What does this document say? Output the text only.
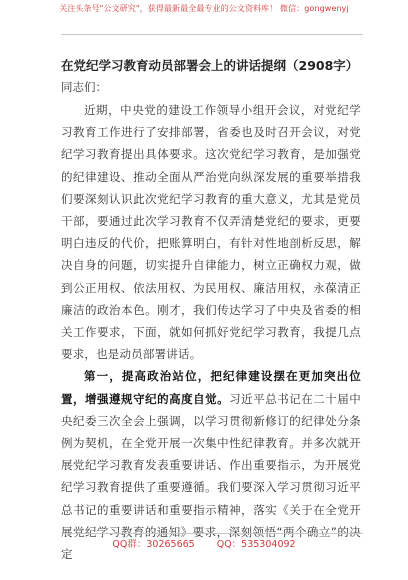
关注头条号"公文研究"，获得最新最全最专业的公文资料库！ 微信：gongwenyj
在党纪学习教育动员部署会上的讲话提纲（2908字）
同志们：

近期，中央党的建设工作领导小组开会议，对党纪学习教育工作进行了安排部署，省委也及时召开会议，对党纪学习教育提出具体要求。这次党纪学习教育，是加强党的纪律建设、推动全面从严治党向纵深发展的重要举措我们要深刻认识此次党纪学习教育的重大意义，尤其是党员干部，要通过此次学习教育不仅弄清楚党纪的要求，更要明白违反的代价，把账算明白，有针对性地剖析反思，解决自身的问题，切实提升自律能力，树立正确权力观，做到公正用权、依法用权、为民用权、廉洁用权，永葆清正廉洁的政治本色。刚才，我们传达学习了中央及省委的相关工作要求，下面，就如何抓好党纪学习教育，我提几点要求，也是动员部署讲话。

第一，提高政治站位，把纪律建设摆在更加突出位置，增强遵规守纪的高度自觉。习近平总书记在二十届中央纪委三次全会上强调，以学习贯彻新修订的纪律处分条例为契机，在全党开展一次集中性纪律教育。并多次就开展党纪学习教育发表重要讲话、作出重要指示，为开展党纪学习教育提供了重要遵循。我们要深入学习贯彻习近平总书记的重要讲话和重要指示精神，落实《关于在全党开展党纪学习教育的通知》要求，深刻领悟“两个确立”的决定

QQ群：30265665 QQ：535304092
